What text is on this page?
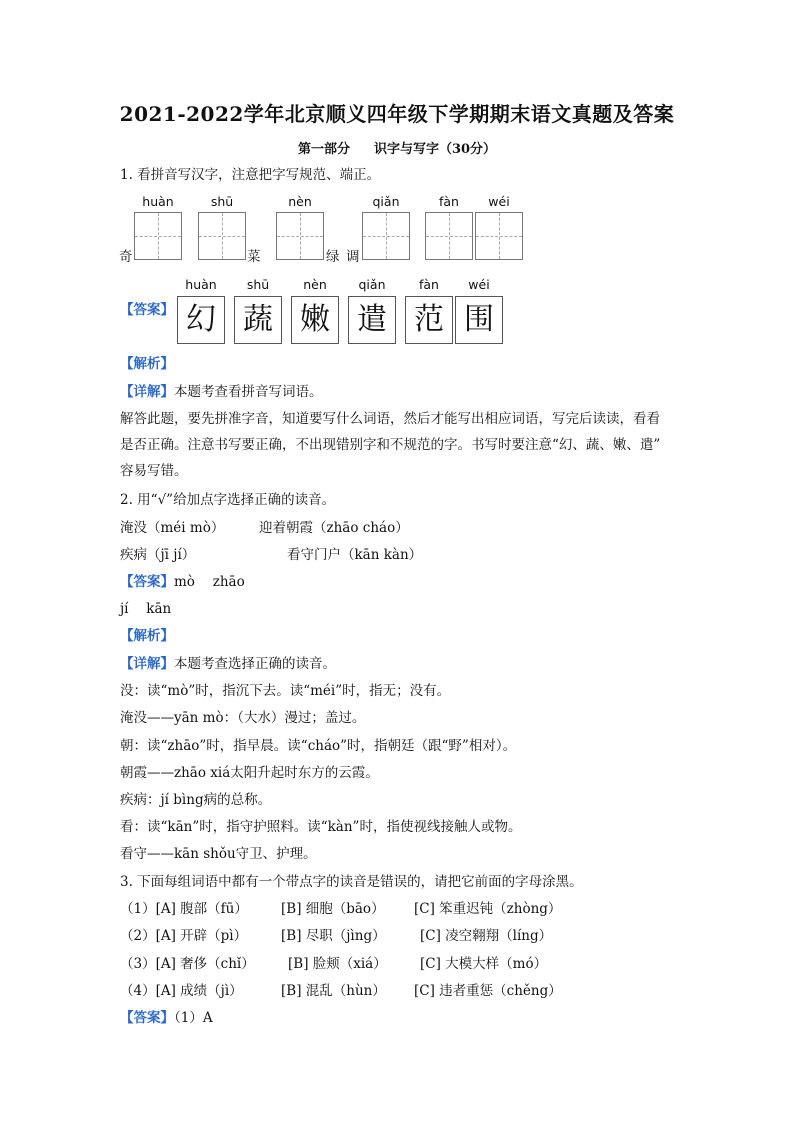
2021-2022学年北京顺义四年级下学期期末语文真题及答案
第一部分 识字与写字（30分）
1. 看拼音写汉字，注意把字写规范、端正。
huàn	shū	nèn	qiǎn	fàn	wéi
奇	菜	绿 调
huàn	shū	nèn	qiǎn	fàn	wéi
【答案】 幻 蔬 嫩 遣 范 围
【解析】
【详解】本题考查看拼音写词语。
解答此题，要先拼准字音，知道要写什么词语，然后才能写出相应词语，写完后读读，看看
是否正确。注意书写要正确，不出现错别字和不规范的字。书写时要注意“幻、蔬、嫩、遣”
容易写错。
2. 用“√”给加点字选择正确的读音。
淹没（méi mò）	迎着朝霞（zhāo cháo）
疾病（jī jí）	看守门户（kān kàn）
【答案】mò　 zhāo
jí　 kān
【解析】
【详解】本题考查选择正确的读音。
没：读“mò”时，指沉下去。读“méi”时，指无；没有。
淹没——yān mò：（大水）漫过；盖过。
朝：读“zhāo”时，指早晨。读“cháo”时，指朝廷（跟“野”相对）。
朝霞——zhāo xiá太阳升起时东方的云霞。
疾病：jí bìng病的总称。
看：读“kān”时，指守护照料。读“kàn”时，指使视线接触人或物。
看守——kān shǒu守卫、护理。
3. 下面每组词语中都有一个带点字的读音是错误的，请把它前面的字母涂黑。
（1）[A] 腹部（fū） [B] 细胞（bāo） [C] 笨重迟钝（zhòng）
（2）[A] 开辟（pì）	[B] 尽职（jìng）	[C] 凌空翱翔（líng）
（3）[A] 奢侈（chǐ） [B] 脸颊（xiá） [C] 大模大样（mó）
（4）[A] 成绩（jì）	[B] 混乱（hùn） [C] 违者重惩（chěng）
【答案】（1）A
